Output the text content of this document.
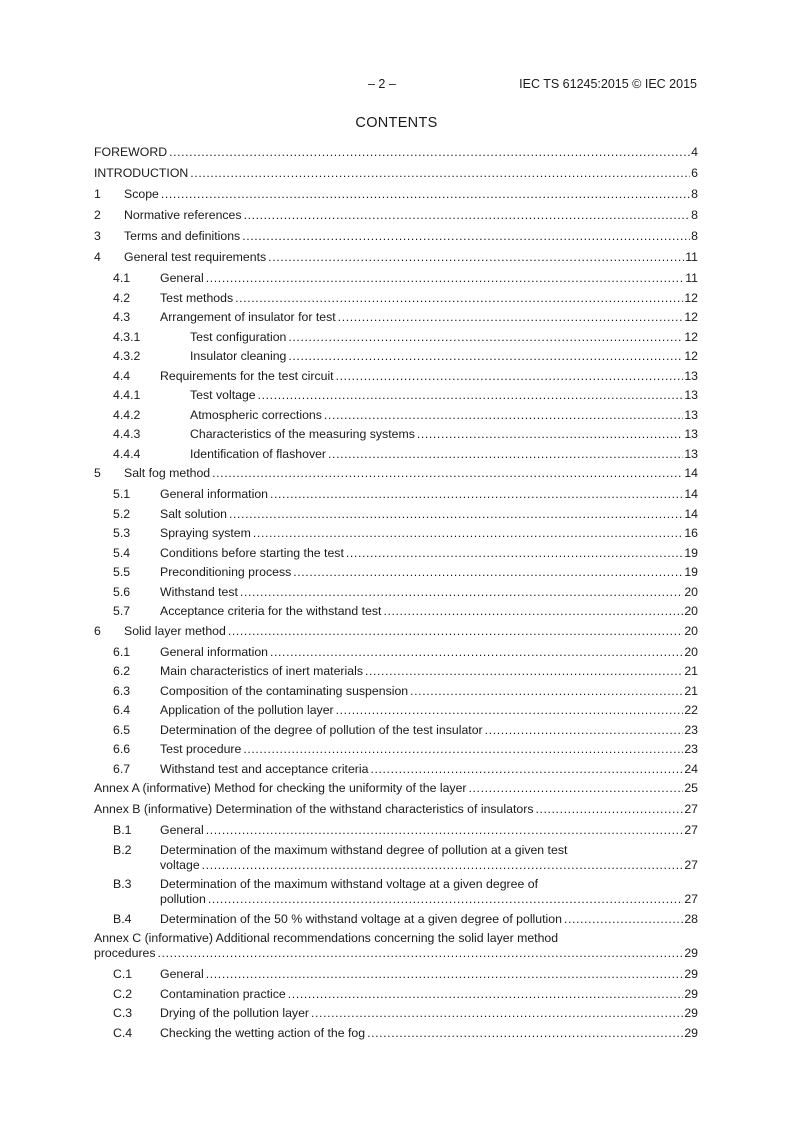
– 2 –	IEC TS 61245:2015 © IEC 2015
CONTENTS
FOREWORD .....	4
INTRODUCTION .....	6
1	Scope .....	8
2	Normative references .....	8
3	Terms and definitions .....	8
4	General test requirements .....	11
4.1	General .....	11
4.2	Test methods .....	12
4.3	Arrangement of insulator for test .....	12
4.3.1	Test configuration .....	12
4.3.2	Insulator cleaning .....	12
4.4	Requirements for the test circuit .....	13
4.4.1	Test voltage .....	13
4.4.2	Atmospheric corrections .....	13
4.4.3	Characteristics of the measuring systems .....	13
4.4.4	Identification of flashover .....	13
5	Salt fog method .....	14
5.1	General information .....	14
5.2	Salt solution .....	14
5.3	Spraying system .....	16
5.4	Conditions before starting the test .....	19
5.5	Preconditioning process .....	19
5.6	Withstand test .....	20
5.7	Acceptance criteria for the withstand test .....	20
6	Solid layer method .....	20
6.1	General information .....	20
6.2	Main characteristics of inert materials .....	21
6.3	Composition of the contaminating suspension .....	21
6.4	Application of the pollution layer .....	22
6.5	Determination of the degree of pollution of the test insulator .....	23
6.6	Test procedure .....	23
6.7	Withstand test and acceptance criteria .....	24
Annex A (informative) Method for checking the uniformity of the layer .....	25
Annex B (informative) Determination of the withstand characteristics of insulators .....	27
B.1	General .....	27
B.2 Determination of the maximum withstand degree of pollution at a given test
voltage .....	27
B.3 Determination of the maximum withstand voltage at a given degree of
pollution .....	27
B.4	Determination of the 50 % withstand voltage at a given degree of pollution .....	28
Annex C (informative) Additional recommendations concerning the solid layer method
procedures .....	29
C.1	General .....	29
C.2	Contamination practice .....	29
C.3	Drying of the pollution layer .....	29
C.4	Checking the wetting action of the fog .....	29
